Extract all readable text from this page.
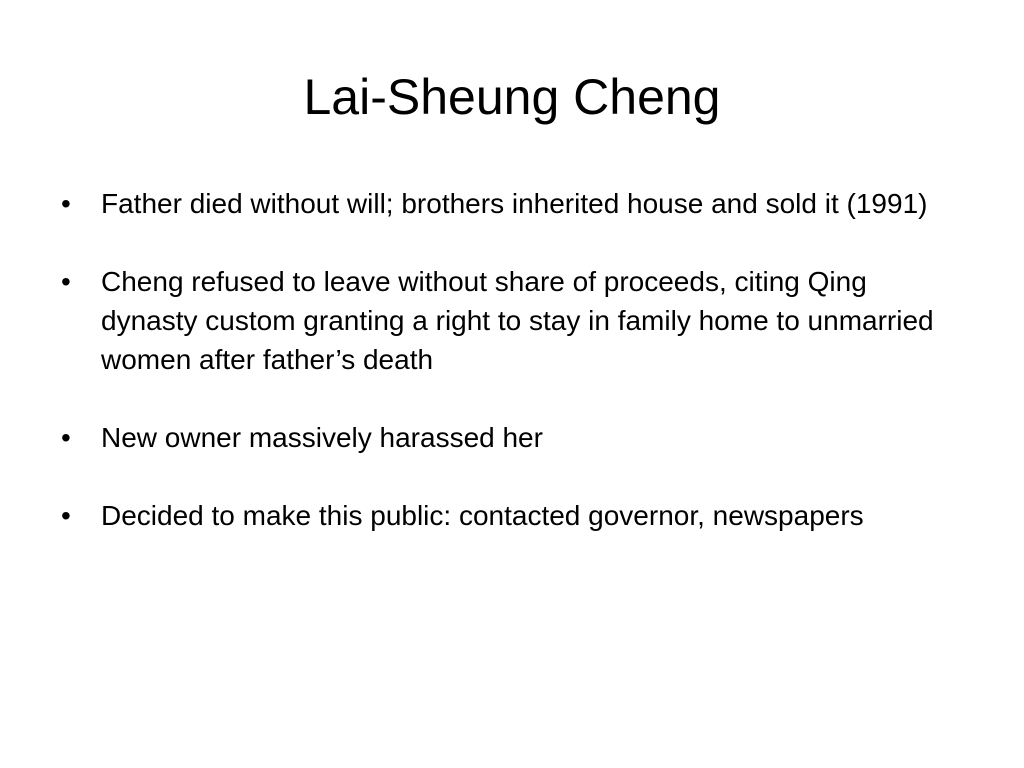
Lai-Sheung Cheng
• Father died without will; brothers inherited house and sold it (1991)
• Cheng refused to leave without share of proceeds, citing Qing dynasty custom granting a right to stay in family home to unmarried women after father’s death
• New owner massively harassed her
• Decided to make this public: contacted governor, newspapers
